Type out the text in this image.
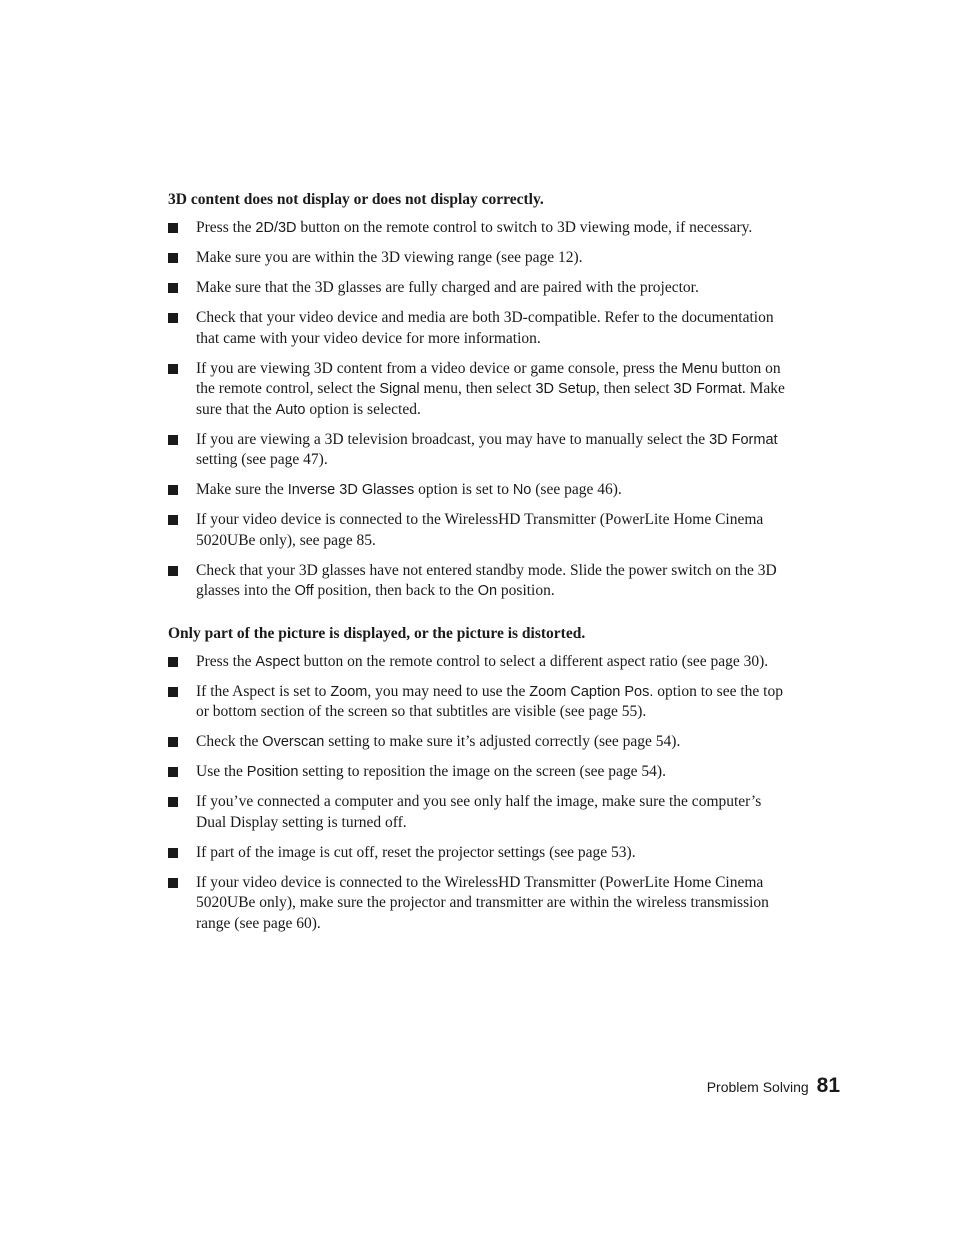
3D content does not display or does not display correctly.

Press the 2D/3D button on the remote control to switch to 3D viewing mode, if necessary.
Make sure you are within the 3D viewing range (see page 12).
Make sure that the 3D glasses are fully charged and are paired with the projector.
Check that your video device and media are both 3D-compatible. Refer to the documentation that came with your video device for more information.
If you are viewing 3D content from a video device or game console, press the Menu button on the remote control, select the Signal menu, then select 3D Setup, then select 3D Format. Make sure that the Auto option is selected.
If you are viewing a 3D television broadcast, you may have to manually select the 3D Format setting (see page 47).
Make sure the Inverse 3D Glasses option is set to No (see page 46).
If your video device is connected to the WirelessHD Transmitter (PowerLite Home Cinema 5020UBe only), see page 85.
Check that your 3D glasses have not entered standby mode. Slide the power switch on the 3D glasses into the Off position, then back to the On position.

Only part of the picture is displayed, or the picture is distorted.

Press the Aspect button on the remote control to select a different aspect ratio (see page 30).
If the Aspect is set to Zoom, you may need to use the Zoom Caption Pos. option to see the top or bottom section of the screen so that subtitles are visible (see page 55).
Check the Overscan setting to make sure it’s adjusted correctly (see page 54).
Use the Position setting to reposition the image on the screen (see page 54).
If you’ve connected a computer and you see only half the image, make sure the computer’s Dual Display setting is turned off.
If part of the image is cut off, reset the projector settings (see page 53).
If your video device is connected to the WirelessHD Transmitter (PowerLite Home Cinema 5020UBe only), make sure the projector and transmitter are within the wireless transmission range (see page 60).
Problem Solving 81
